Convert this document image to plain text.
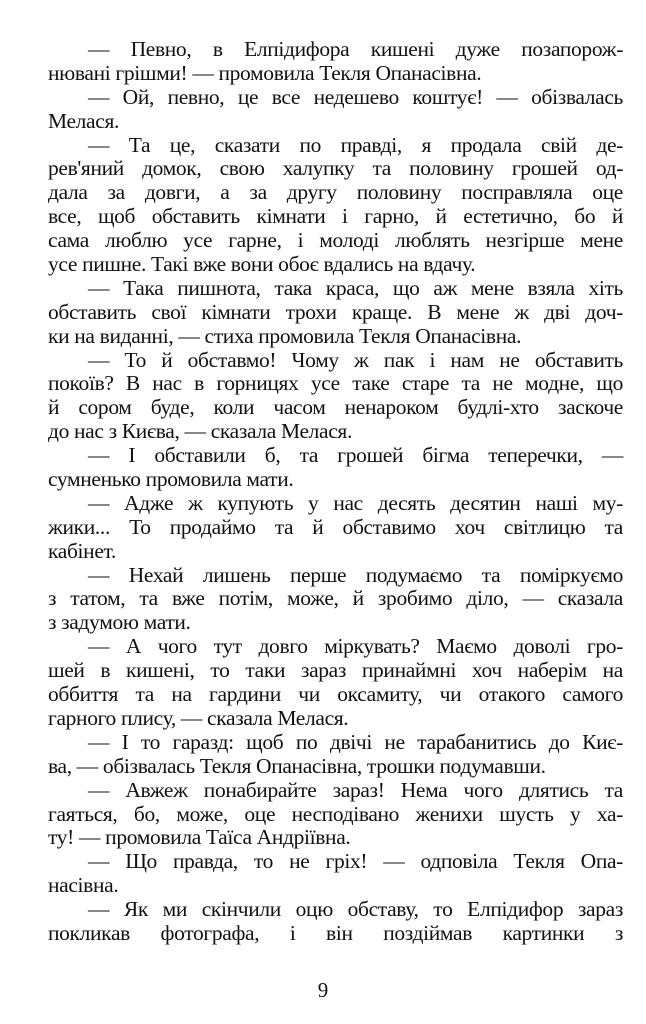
— Певно, в Елпідифора кишені дуже позапорож-
нювані грішми! — промовила Текля Опанасівна.
— Ой, певно, це все недешево коштує! — обізвалась
Мелася.
— Та це, сказати по правді, я продала свій де-
рев'яний домок, свою халупку та половину грошей од-
дала за довги, а за другу половину посправляла оце
все, щоб обставить кімнати і гарно, й естетично, бо й
сама люблю усе гарне, і молоді люблять незгірше мене
усе пишне. Такі вже вони обоє вдались на вдачу.
— Така пишнота, така краса, що аж мене взяла хіть
обставить свої кімнати трохи краще. В мене ж дві доч-
ки на виданні, — стиха промовила Текля Опанасівна.
— То й обставмо! Чому ж пак і нам не обставить
покоїв? В нас в горницях усе таке старе та не модне, що
й сором буде, коли часом ненароком будлі-хто заскоче
до нас з Києва, — сказала Мелася.
— І обставили б, та грошей бігма теперечки, —
сумненько промовила мати.
— Адже ж купують у нас десять десятин наші му-
жики... То продаймо та й обставимо хоч світлицю та
кабінет.
— Нехай лишень перше подумаємо та поміркуємо
з татом, та вже потім, може, й зробимо діло, — сказала
з задумою мати.
— А чого тут довго міркувать? Маємо доволі гро-
шей в кишені, то таки зараз принаймні хоч наберім на
оббиття та на гардини чи оксамиту, чи отакого самого
гарного плису, — сказала Мелася.
— І то гаразд: щоб по двічі не тарабанитись до Киє-
ва, — обізвалась Текля Опанасівна, трошки подумавши.
— Авжеж понабирайте зараз! Нема чого длятись та
гаяться, бо, може, оце несподівано женихи шусть у ха-
ту! — промовила Таїса Андріївна.
— Що правда, то не гріх! — одповіла Текля Опа-
насівна.
— Як ми скінчили оцю обставу, то Елпідифор зараз
покликав фотографа, і він поздіймав картинки з
9
